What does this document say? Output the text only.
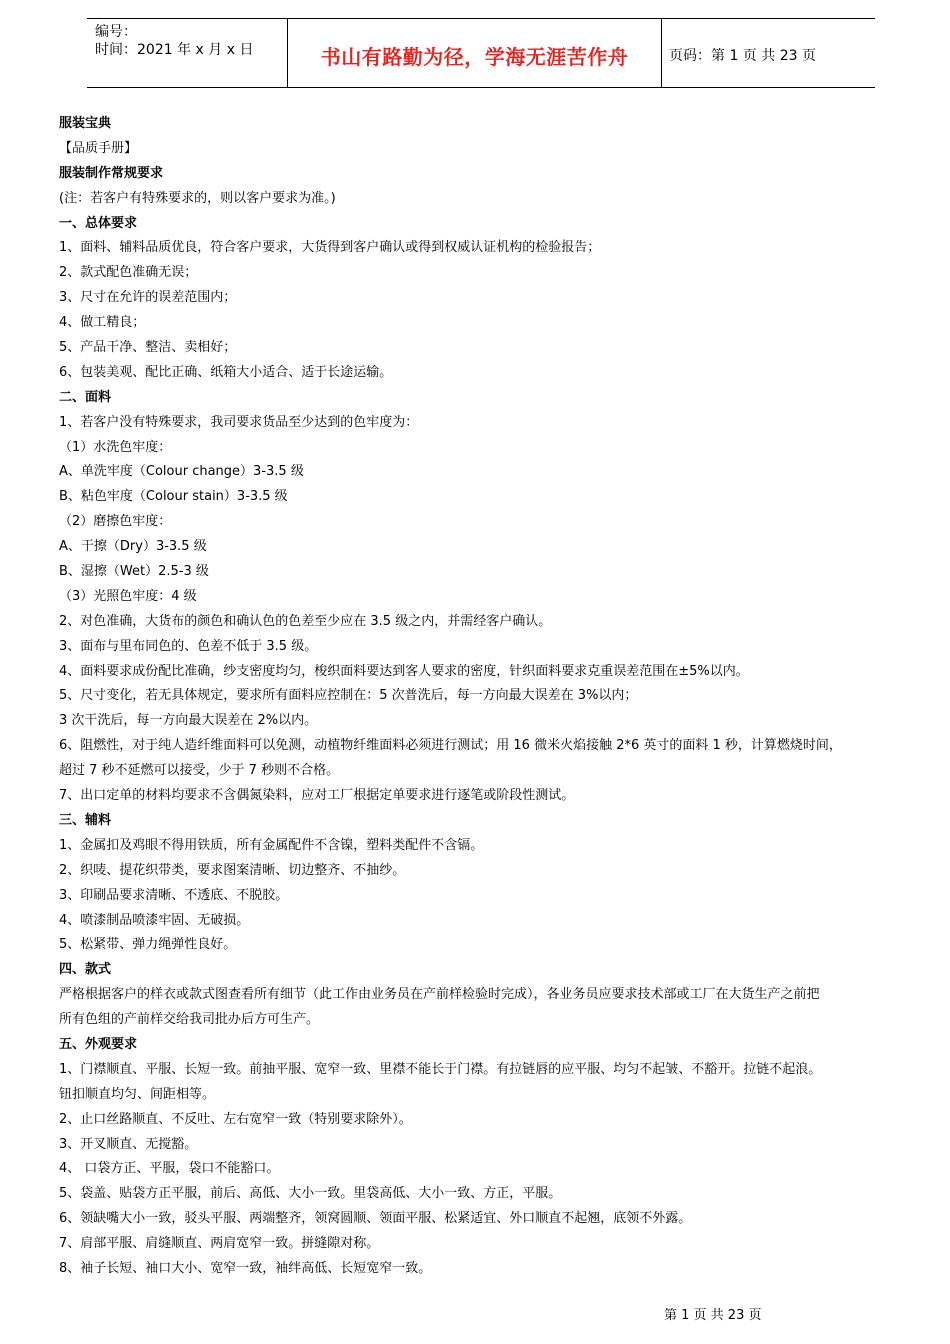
编号：
时间：2021 年 x 月 x 日	书山有路勤为径，学海无涯苦作舟	页码：第 1 页 共 23 页
服装宝典
【品质手册】
服装制作常规要求
(注：若客户有特殊要求的，则以客户要求为准。)
一、总体要求
1、面料、辅料品质优良，符合客户要求，大货得到客户确认或得到权威认证机构的检验报告；
2、款式配色准确无误；
3、尺寸在允许的误差范围内；
4、做工精良；
5、产品干净、整洁、卖相好；
6、包装美观、配比正确、纸箱大小适合、适于长途运输。
二、面料
1、若客户没有特殊要求，我司要求货品至少达到的色牢度为：
（1）水洗色牢度：
A、单洗牢度（Colour change）3-3.5 级
B、粘色牢度（Colour stain）3-3.5 级
（2）磨擦色牢度：
A、干擦（Dry）3-3.5 级
B、湿擦（Wet）2.5-3 级
（3）光照色牢度：4 级
2、对色准确，大货布的颜色和确认色的色差至少应在 3.5 级之内，并需经客户确认。
3、面布与里布同色的、色差不低于 3.5 级。
4、面料要求成份配比准确，纱支密度均匀，梭织面料要达到客人要求的密度，针织面料要求克重误差范围在±5%以内。
5、尺寸变化，若无具体规定，要求所有面料应控制在：5 次普洗后，每一方向最大误差在 3%以内；
3 次干洗后，每一方向最大误差在 2%以内。
6、阻燃性，对于纯人造纤维面料可以免测，动植物纤维面料必须进行测试；用 16 微米火焰接触 2*6 英寸的面料 1 秒，计算燃烧时间，
超过 7 秒不延燃可以接受，少于 7 秒则不合格。
7、出口定单的材料均要求不含偶氮染料，应对工厂根据定单要求进行逐笔或阶段性测试。
三、辅料
1、金属扣及鸡眼不得用铁质，所有金属配件不含镍，塑料类配件不含镉。
2、织唛、提花织带类，要求图案清晰、切边整齐、不抽纱。
3、印刷品要求清晰、不透底、不脱胶。
4、喷漆制品喷漆牢固、无破损。
5、松紧带、弹力绳弹性良好。
四、款式
严格根据客户的样衣或款式图查看所有细节（此工作由业务员在产前样检验时完成），各业务员应要求技术部或工厂在大货生产之前把
所有色组的产前样交给我司批办后方可生产。
五、外观要求
1、门襟顺直、平服、长短一致。前抽平服、宽窄一致、里襟不能长于门襟。有拉链唇的应平服、均匀不起皱、不豁开。拉链不起浪。
钮扣顺直均匀、间距相等。
2、止口丝路顺直、不反吐、左右宽窄一致（特别要求除外）。
3、开叉顺直、无搅豁。
4、 口袋方正、平服，袋口不能豁口。
5、袋盖、贴袋方正平服，前后、高低、大小一致。里袋高低、大小一致、方正，平服。
6、领缺嘴大小一致，驳头平服、两端整齐，领窝圆顺、领面平服、松紧适宜、外口顺直不起翘，底领不外露。
7、肩部平服、肩缝顺直、两肩宽窄一致。拼缝隙对称。
8、袖子长短、袖口大小、宽窄一致，袖绊高低、长短宽窄一致。
第 1 页 共 23 页
